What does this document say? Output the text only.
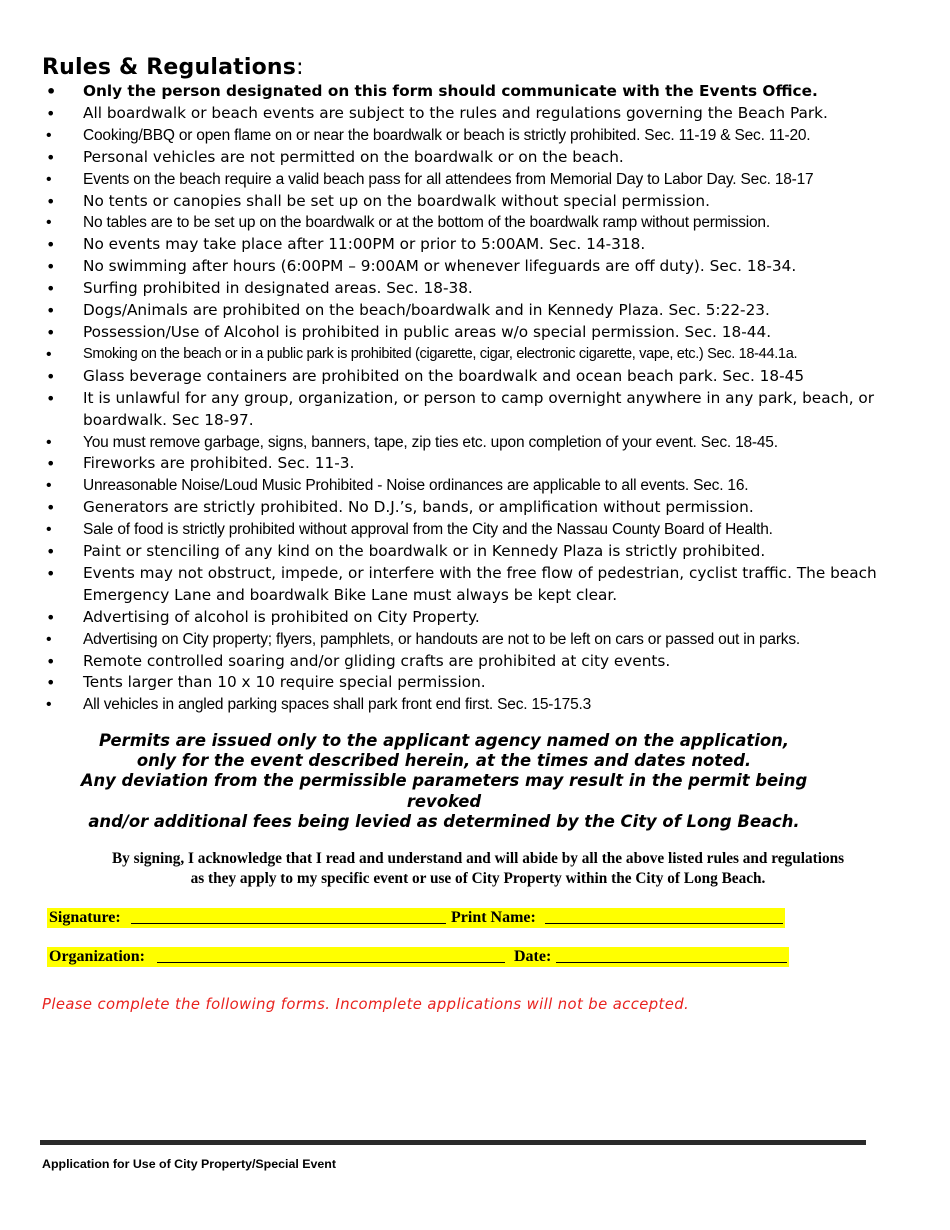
Rules & Regulations:
• Only the person designated on this form should communicate with the Events Office.
• All boardwalk or beach events are subject to the rules and regulations governing the Beach Park.
• Cooking/BBQ or open flame on or near the boardwalk or beach is strictly prohibited. Sec. 11-19 & Sec. 11-20.
• Personal vehicles are not permitted on the boardwalk or on the beach.
• Events on the beach require a valid beach pass for all attendees from Memorial Day to Labor Day. Sec. 18-17
• No tents or canopies shall be set up on the boardwalk without special permission.
• No tables are to be set up on the boardwalk or at the bottom of the boardwalk ramp without permission.
• No events may take place after 11:00PM or prior to 5:00AM. Sec. 14-318.
• No swimming after hours (6:00PM – 9:00AM or whenever lifeguards are off duty). Sec. 18-34.
• Surfing prohibited in designated areas. Sec. 18-38.
• Dogs/Animals are prohibited on the beach/boardwalk and in Kennedy Plaza. Sec. 5:22-23.
• Possession/Use of Alcohol is prohibited in public areas w/o special permission. Sec. 18-44.
• Smoking on the beach or in a public park is prohibited (cigarette, cigar, electronic cigarette, vape, etc.) Sec. 18-44.1a.
• Glass beverage containers are prohibited on the boardwalk and ocean beach park. Sec. 18-45
• It is unlawful for any group, organization, or person to camp overnight anywhere in any park, beach, or boardwalk. Sec 18-97.
• You must remove garbage, signs, banners, tape, zip ties etc. upon completion of your event. Sec. 18-45.
• Fireworks are prohibited. Sec. 11-3.
• Unreasonable Noise/Loud Music Prohibited - Noise ordinances are applicable to all events. Sec. 16.
• Generators are strictly prohibited. No D.J.’s, bands, or amplification without permission.
• Sale of food is strictly prohibited without approval from the City and the Nassau County Board of Health.
• Paint or stenciling of any kind on the boardwalk or in Kennedy Plaza is strictly prohibited.
• Events may not obstruct, impede, or interfere with the free flow of pedestrian, cyclist traffic. The beach Emergency Lane and boardwalk Bike Lane must always be kept clear.
• Advertising of alcohol is prohibited on City Property.
• Advertising on City property; flyers, pamphlets, or handouts are not to be left on cars or passed out in parks.
• Remote controlled soaring and/or gliding crafts are prohibited at city events.
• Tents larger than 10 x 10 require special permission.
• All vehicles in angled parking spaces shall park front end first. Sec. 15-175.3
Permits are issued only to the applicant agency named on the application,
only for the event described herein, at the times and dates noted.
Any deviation from the permissible parameters may result in the permit being revoked
and/or additional fees being levied as determined by the City of Long Beach.
By signing, I acknowledge that I read and understand and will abide by all the above listed rules and regulations
as they apply to my specific event or use of City Property within the City of Long Beach.
Signature:	Print Name:
Organization:	Date:
Please complete the following forms. Incomplete applications will not be accepted.
Application for Use of City Property/Special Event
